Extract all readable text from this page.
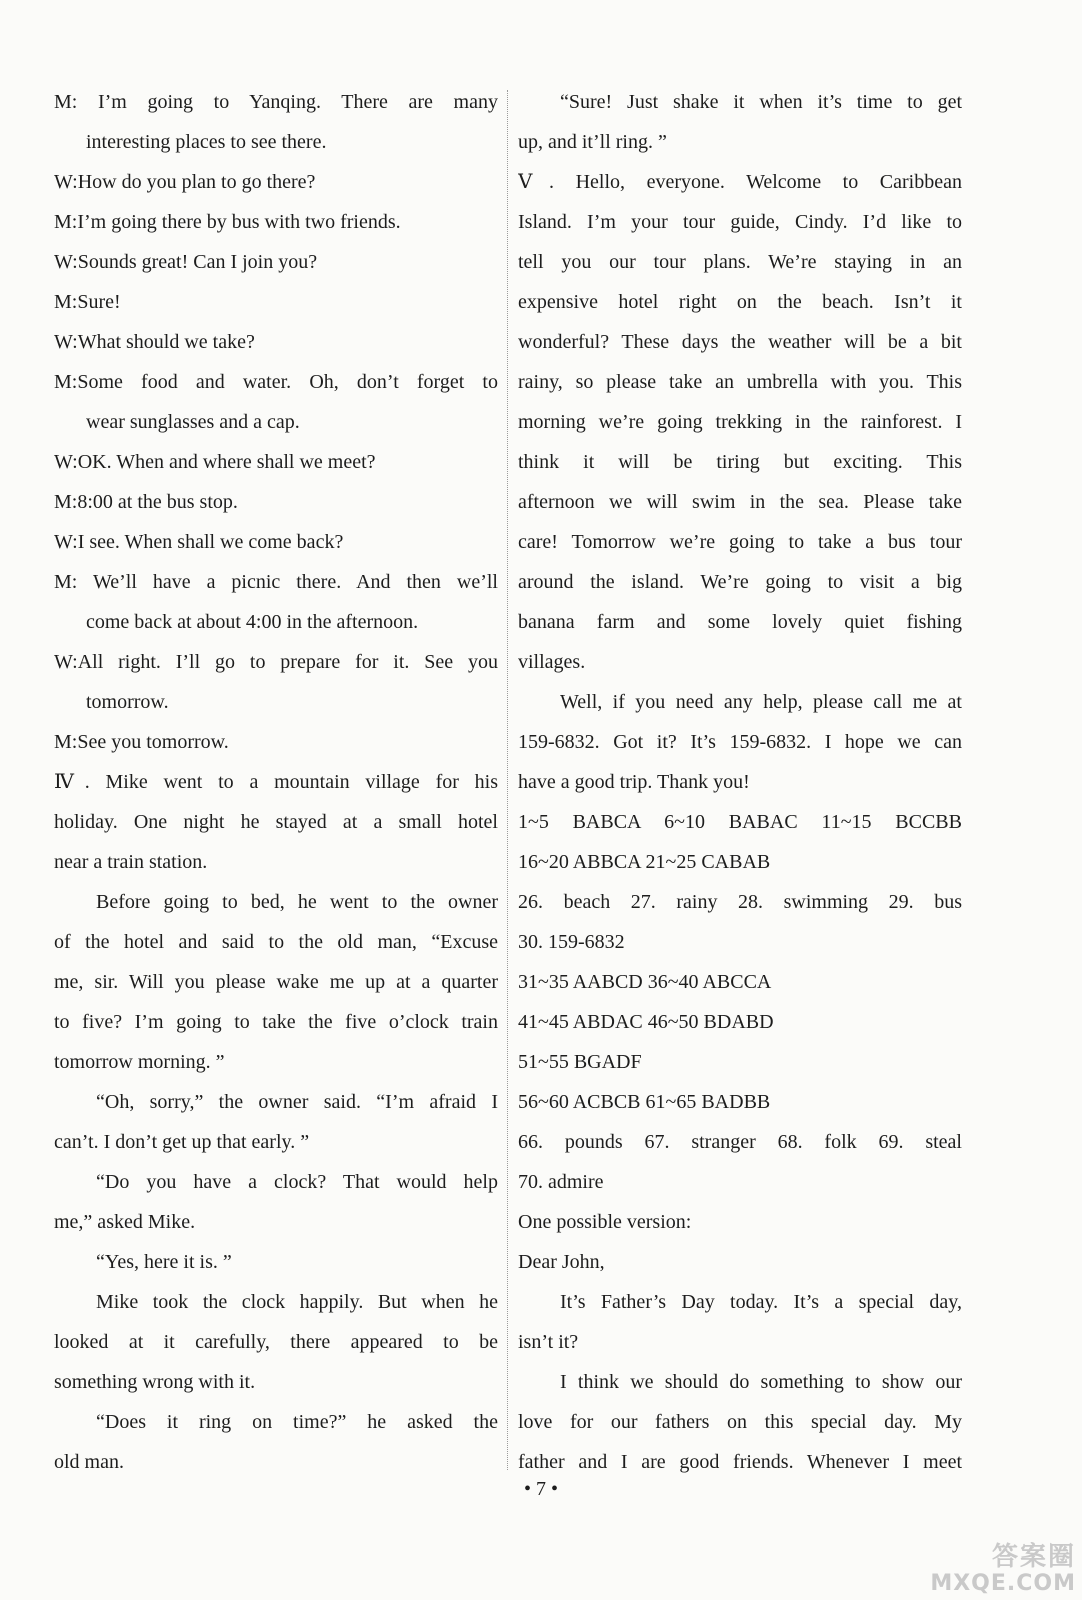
M: I’m going to Yanqing. There are many
interesting places to see there.
W:How do you plan to go there?
M:I’m going there by bus with two friends.
W:Sounds great! Can I join you?
M:Sure!
W:What should we take?
M:Some food and water. Oh, don’t forget to
wear sunglasses and a cap.
W:OK. When and where shall we meet?
M:8:00 at the bus stop.
W:I see. When shall we come back?
M: We’ll have a picnic there. And then we’ll
come back at about 4:00 in the afternoon.
W:All right. I’ll go to prepare for it. See you
tomorrow.
M:See you tomorrow.
Ⅳ. Mike went to a mountain village for his
holiday. One night he stayed at a small hotel
near a train station.
Before going to bed, he went to the owner
of the hotel and said to the old man, “Excuse
me, sir. Will you please wake me up at a quarter
to five? I’m going to take the five o’clock train
tomorrow morning. ”
“Oh, sorry,” the owner said. “I’m afraid I
can’t. I don’t get up that early. ”
“Do you have a clock? That would help
me,” asked Mike.
“Yes, here it is. ”
Mike took the clock happily. But when he
looked at it carefully, there appeared to be
something wrong with it.
“Does it ring on time?” he asked the
old man.
“Sure! Just shake it when it’s time to get
up, and it’ll ring. ”
Ⅴ. Hello, everyone. Welcome to Caribbean
Island. I’m your tour guide, Cindy. I’d like to
tell you our tour plans. We’re staying in an
expensive hotel right on the beach. Isn’t it
wonderful? These days the weather will be a bit
rainy, so please take an umbrella with you. This
morning we’re going trekking in the rainforest. I
think it will be tiring but exciting. This
afternoon we will swim in the sea. Please take
care! Tomorrow we’re going to take a bus tour
around the island. We’re going to visit a big
banana farm and some lovely quiet fishing
villages.
Well, if you need any help, please call me at
159-6832. Got it? It’s 159-6832. I hope we can
have a good trip. Thank you!
1~5 BABCA 6~10 BABAC 11~15 BCCBB
16~20 ABBCA 21~25 CABAB
26. beach 27. rainy 28. swimming 29. bus
30. 159-6832
31~35 AABCD 36~40 ABCCA
41~45 ABDAC 46~50 BDABD
51~55 BGADF
56~60 ACBCB 61~65 BADBB
66. pounds 67. stranger 68. folk 69. steal
70. admire
One possible version:
Dear John,
It’s Father’s Day today. It’s a special day,
isn’t it?
I think we should do something to show our
love for our fathers on this special day. My
father and I are good friends. Whenever I meet
• 7 •
答案圈
MXQE.COM
